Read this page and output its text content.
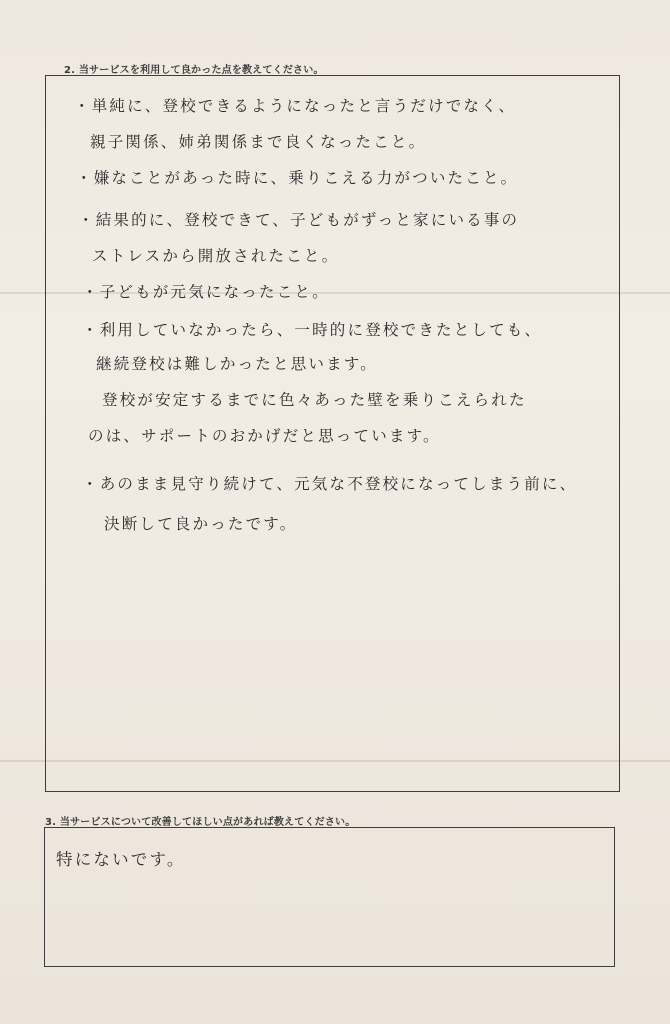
2. 当サービスを利用して良かった点を教えてください。
・単純に、登校できるようになったと言うだけでなく、
親子関係、姉弟関係まで良くなったこと。
・嫌なことがあった時に、乗りこえる力がついたこと。
・結果的に、登校できて、子どもがずっと家にいる事の
ストレスから開放されたこと。
・子どもが元気になったこと。
・利用していなかったら、一時的に登校できたとしても、
継続登校は難しかったと思います。
登校が安定するまでに色々あった壁を乗りこえられた
のは、サポートのおかげだと思っています。
・あのまま見守り続けて、元気な不登校になってしまう前に、
決断して良かったです。
3. 当サービスについて改善してほしい点があれば教えてください。
特にないです。
